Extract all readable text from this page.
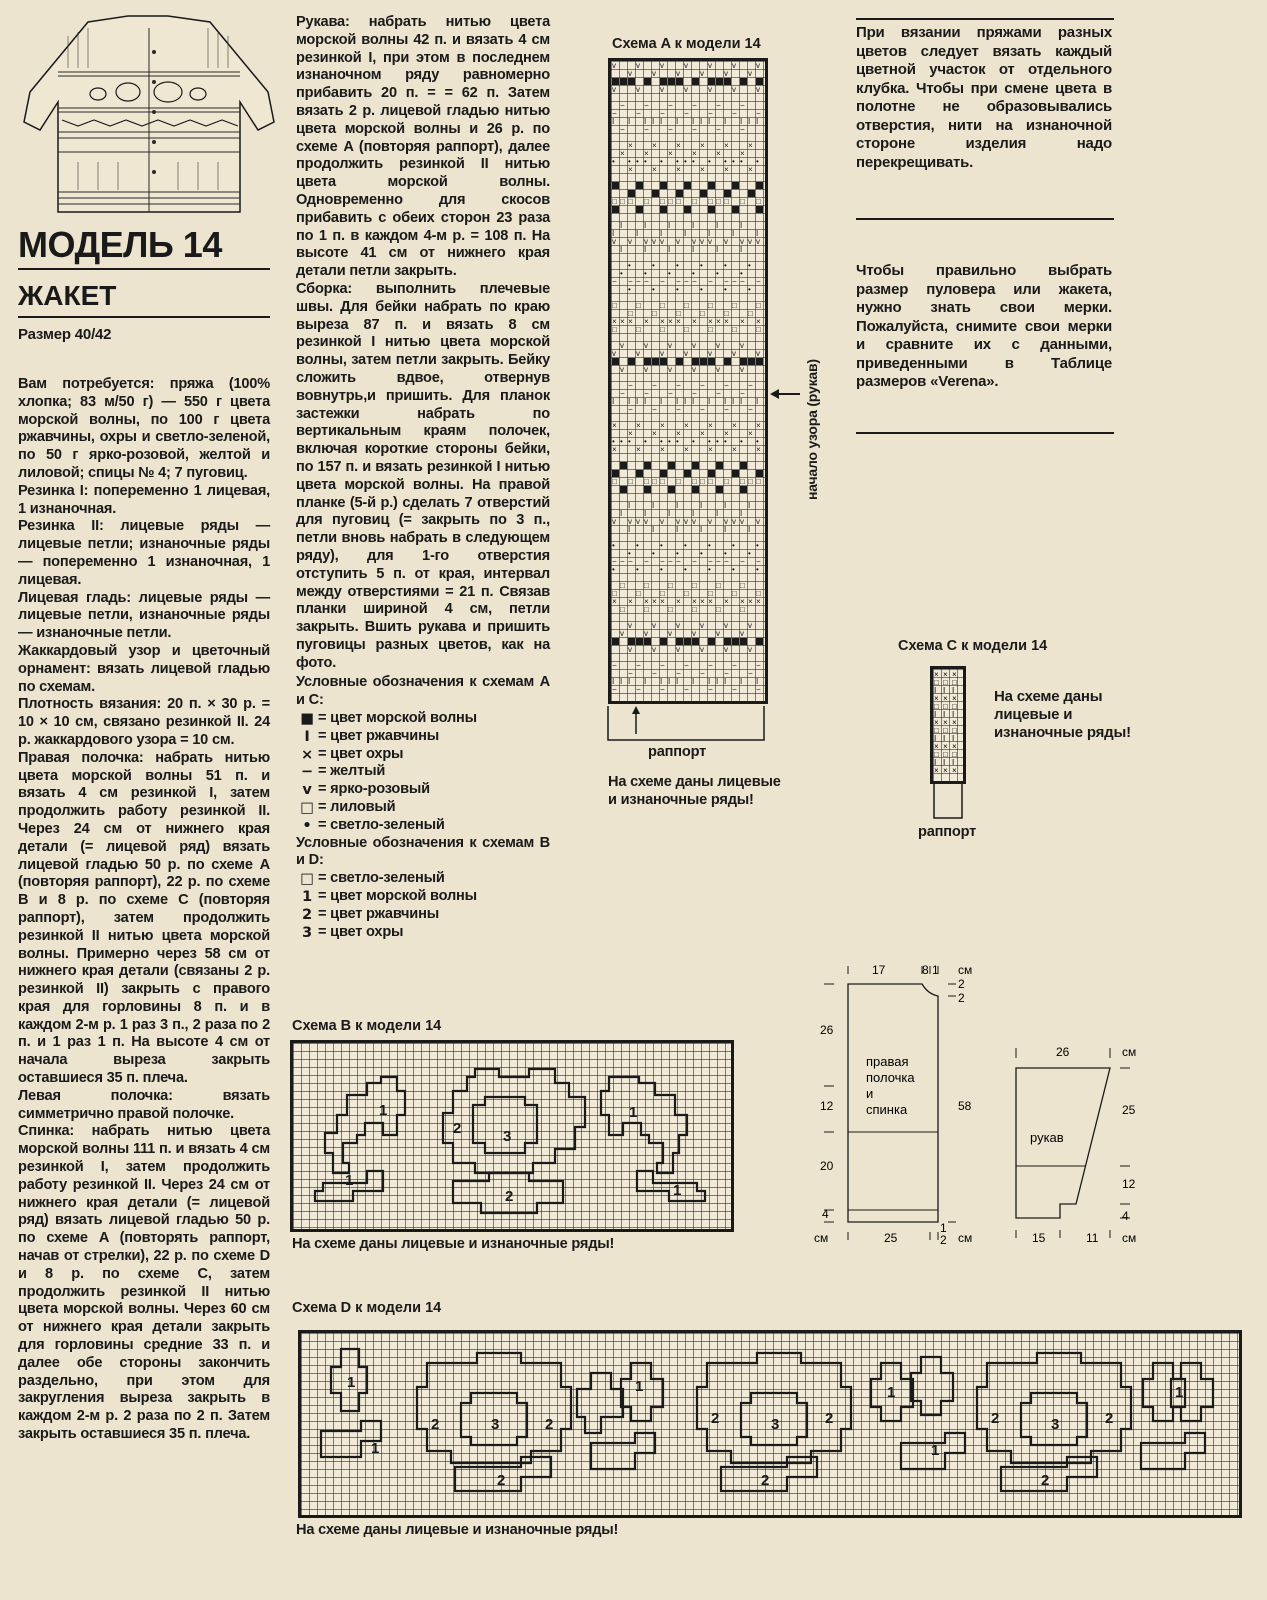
МОДЕЛЬ 14
ЖАКЕТ
Размер 40/42

Вам потребуется: пряжа (100% хлопка; 83 м/50 г) — 550 г цвета морской волны, по 100 г цвета ржавчины, охры и светло-зеленой, по 50 г ярко-розовой, желтой и лиловой; спицы № 4; 7 пуговиц.

Резинка I: попеременно 1 лицевая, 1 изнаночная.

Резинка II: лицевые ряды — лицевые петли; изнаночные ряды — попеременно 1 изнаночная, 1 лицевая.

Лицевая гладь: лицевые ряды — лицевые петли, изнаночные ряды — изнаночные петли.

Жаккардовый узор и цветочный орнамент: вязать лицевой гладью по схемам.

Плотность вязания: 20 п. × 30 р. = 10 × 10 см, связано резинкой II. 24 р. жаккардового узора = 10 см.

Правая полочка: набрать нитью цвета морской волны 51 п. и вязать 4 см резинкой I, затем продолжить работу резинкой II. Через 24 см от нижнего края детали (= лицевой ряд) вязать лицевой гладью 50 р. по схеме A (повторяя раппорт), 22 р. по схеме B и 8 р. по схеме C (повторяя раппорт), затем продолжить резинкой II нитью цвета морской волны. Примерно через 58 см от нижнего края детали (связаны 2 р. резинкой II) закрыть с правого края для горловины 8 п. и в каждом 2-м р. 1 раз 3 п., 2 раза по 2 п. и 1 раз 1 п. На высоте 4 см от начала выреза закрыть оставшиеся 35 п. плеча.

Левая полочка: вязать симметрично правой полочке.

Спинка: набрать нитью цвета морской волны 111 п. и вязать 4 см резинкой I, затем продолжить работу резинкой II. Через 24 см от нижнего края детали (= лицевой ряд) вязать лицевой гладью 50 р. по схеме A (повторять раппорт, начав от стрелки), 22 р. по схеме D и 8 р. по схеме C, затем продолжить резинкой II нитью цвета морской волны. Через 60 см от нижнего края детали закрыть для горловины средние 33 п. и далее обе стороны закончить раздельно, при этом для закругления выреза закрыть в каждом 2-м р. 2 раза по 2 п. Затем закрыть оставшиеся 35 п. плеча.

Рукава: набрать нитью цвета морской волны 42 п. и вязать 4 см резинкой I, при этом в последнем изнаночном ряду равномерно прибавить 20 п. = = 62 п. Затем вязать 2 р. лицевой гладью нитью цвета морской волны и 26 р. по схеме A (повторяя раппорт), далее продолжить резинкой II нитью цвета морской волны. Одновременно для скосов прибавить с обеих сторон 23 раза по 1 п. в каждом 4-м р. = 108 п. На высоте 41 см от нижнего края детали петли закрыть.

Сборка: выполнить плечевые швы. Для бейки набрать по краю выреза 87 п. и вязать 8 см резинкой I нитью цвета морской волны, затем петли закрыть. Бейку сложить вдвое, отвернув вовнутрь,и пришить. Для планок застежки набрать по вертикальным краям полочек, включая короткие стороны бейки, по 157 п. и вязать резинкой I нитью цвета морской волны. На правой планке (5-й р.) сделать 7 отверстий для пуговиц (= закрыть по 3 п., петли вновь набрать в следующем ряду), для 1-го отверстия отступить 5 п. от края, интервал между отверстиями = 21 п. Связав планки шириной 4 см, петли закрыть. Вшить рукава и пришить пуговицы разных цветов, как на фото.

Условные обозначения к схемам A и C:

■ = цвет морской волны
I = цвет ржавчины
× = цвет охры
− = желтый
v = ярко-розовый
□ = лиловый
• = светло-зеленый

Условные обозначения к схемам B и D:

□ = светло-зеленый
1 = цвет морской волны
2 = цвет ржавчины
3 = цвет охры
Схема A к модели 14
v	v	v	v	v	v	v
v	v	v	v	v	v
v	v	v	v	v	v	v
− − − − − −
− − − − − − −
I I I I I I I I I I I I I
− − − − − −
× × × × × ×
× × × × × ×
• • • • • • • • • • • • •
× × × × × ×
□ □ □ □ □ □ □ □ □ □ □ □ □
I	I	I	I	I	I
I	I	I	I	I	I	I
v v v v v v v v v v v v v
I	I	I	I	I	I
•	•	•	•	•	•
•	•	•	•	•	•
− − − − − − − − − − − − −
•	•	•	•	•	•
□ □ □ □ □ □ □
□ □ □ □ □ □
× × × × × × × × × × × × ×
□ □ □ □ □ □ □
v	v	v	v	v	v
v	v	v	v	v	v	v
v	v	v	v	v	v
− − − − − −
− − − − − −
I I I I I I I I I I I I I
− − − − − −
× × × × × × ×
× × × × × ×
• • • • • • • • • • • • •
× × × × × × ×
□ □ □ □ □ □ □ □ □ □ □ □ □
I	I	I	I	I	I
I	I	I	I	I	I
v v v v v v v v v v v v v
I	I	I	I	I	I
•	•	•	•	•	•	•
•	•	•	•	•	•
− − − − − − − − − − − − −
•	•	•	•	•	•	•
□ □ □ □ □ □
□ □ □ □ □ □ □
× × × × × × × × × × × × ×
□ □ □ □ □ □
v	v	v	v	v	v
v	v	v	v	v	v
v	v	v	v	v	v
− − − − − − −
− − − − − −
I I I I I I I I I I I I I
− − − − − − −
начало узора (рукав)
раппорт
На схеме даны лицевые и изнаночные ряды!
При вязании пряжами разных цветов следует вязать каждый цветной участок от отдельного клубка. Чтобы при смене цвета в полотне не образовывались отверстия, нити на изнаночной стороне изделия надо перекрещивать.
Чтобы правильно выбрать размер пуловера или жакета, нужно знать свои мерки. Пожалуйста, снимите свои мерки и сравните их с данными, приведенными в Таблице размеров «Verena».
Схема C к модели 14
× × ×
□ □ □
I I I
× × ×
□ □ □
I I I
× × ×
□ □ □
I I I
× × ×
□ □ □
I I I
× × ×
На схеме даны лицевые и изнаночные ряды!
раппорт
17	8 1 см
2
2
58
2
26
12
20
4
25
1
см	см
правая
полочка
и
спинка
26	см
25
12
4
15	11 см
рукав
Схема B к модели 14
1
1
2	3
2
1
1
На схеме даны лицевые и изнаночные ряды!
Схема D к модели 14
1
1
2	3	2
2
1
2	3	2
2
1
1
2	3	2
2
1
На схеме даны лицевые и изнаночные ряды!
